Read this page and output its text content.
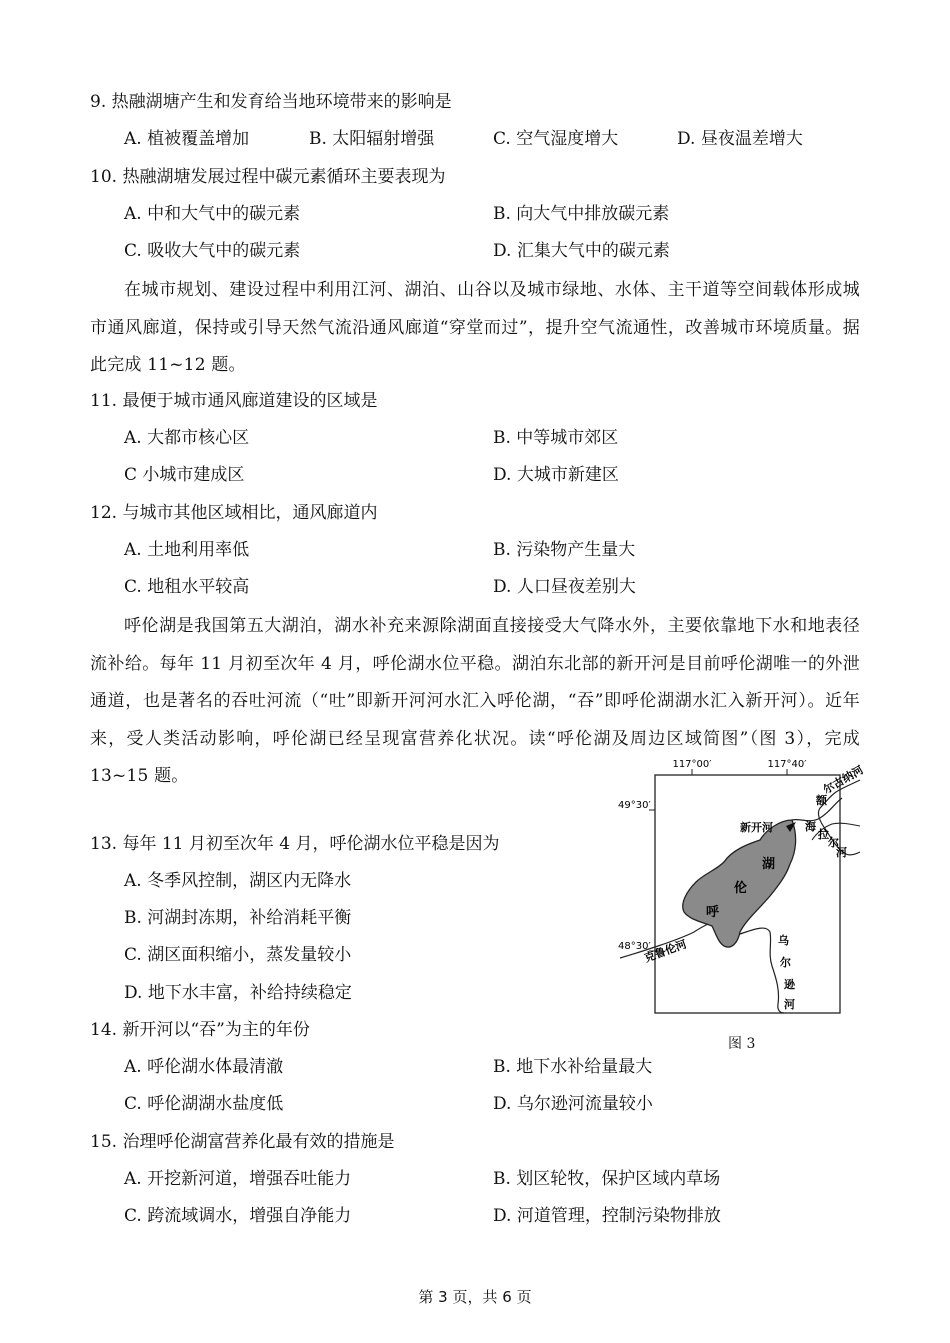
9. 热融湖塘产生和发育给当地环境带来的影响是
A. 植被覆盖增加	B. 太阳辐射增强	C. 空气湿度增大	D. 昼夜温差增大
10. 热融湖塘发展过程中碳元素循环主要表现为
A. 中和大气中的碳元素	B. 向大气中排放碳元素
C. 吸收大气中的碳元素	D. 汇集大气中的碳元素
在城市规划、建设过程中利用江河、湖泊、山谷以及城市绿地、水体、主干道等空间载体形成城市通风廊道，保持或引导天然气流沿通风廊道“穿堂而过”，提升空气流通性，改善城市环境质量。据此完成 11~12 题。
11. 最便于城市通风廊道建设的区域是
A. 大都市核心区	B. 中等城市郊区
C 小城市建成区	D. 大城市新建区
12. 与城市其他区域相比，通风廊道内
A. 土地利用率低	B. 污染物产生量大
C. 地租水平较高	D. 人口昼夜差别大
呼伦湖是我国第五大湖泊，湖水补充来源除湖面直接接受大气降水外，主要依靠地下水和地表径流补给。每年 11 月初至次年 4 月，呼伦湖水位平稳。湖泊东北部的新开河是目前呼伦湖唯一的外泄通道，也是著名的吞吐河流（“吐”即新开河河水汇入呼伦湖，“吞”即呼伦湖湖水汇入新开河）。近年来，受人类活动影响，呼伦湖已经呈现富营养化状况。读“呼伦湖及周边区域简图”（图 3），完成 13~15 题。
13. 每年 11 月初至次年 4 月，呼伦湖水位平稳是因为
A. 冬季风控制，湖区内无降水
B. 河湖封冻期，补给消耗平衡
C. 湖区面积缩小，蒸发量较小
D. 地下水丰富，补给持续稳定
14. 新开河以“吞”为主的年份
A. 呼伦湖水体最清澈	B. 地下水补给量最大
C. 呼伦湖湖水盐度低	D. 乌尔逊河流量较小
15. 治理呼伦湖富营养化最有效的措施是
A. 开挖新河道，增强吞吐能力	B. 划区轮牧，保护区域内草场
C. 跨流域调水，增强自净能力	D. 河道管理，控制污染物排放
117°00′	117°40′
49°30′
48°30′
新开河
额
尔古纳河
海
拉
尔
河
湖
伦
呼
克鲁伦河	乌
尔
逊
河
图 3
第 3 页，共 6 页
